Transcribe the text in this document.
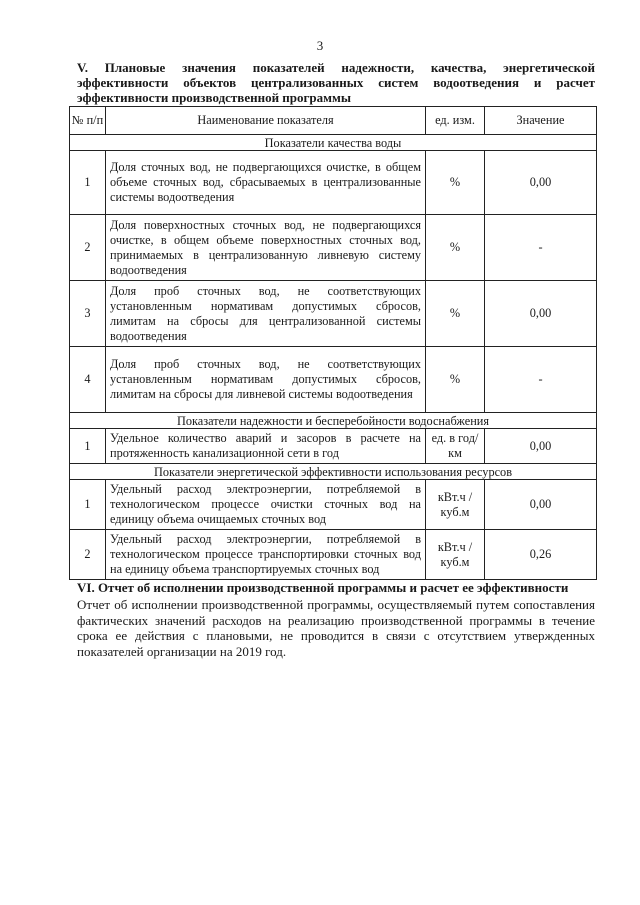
3
V. Плановые значения показателей надежности, качества, энергетической
эффективности объектов централизованных систем водоотведения и расчет
эффективности производственной программы
№ п/п	Наименование показателя	ед. изм.	Значение
Показатели качества воды			
1	Доля сточных вод, не подвергающихся очистке, в общем объеме сточных вод, сбрасываемых в централизованные системы водоотведения	%	0,00
2	Доля поверхностных сточных вод, не подвергающихся очистке, в общем объеме поверхностных сточных вод, принимаемых в централизованную ливневую систему водоотведения	%	-
3	Доля проб сточных вод, не соответствующих установленным нормативам допустимых сбросов, лимитам на сбросы для централизованной системы водоотведения	%	0,00
4	Доля проб сточных вод, не соответствующих установленным нормативам допустимых сбросов, лимитам на сбросы для ливневой системы водоотведения	%	-
Показатели надежности и бесперебойности водоснабжения			
1	Удельное количество аварий и засоров в расчете на протяженность канализационной сети в год	ед. в год/ км	0,00
Показатели энергетической эффективности использования ресурсов			
1	Удельный расход электроэнергии, потребляемой в технологическом процессе очистки сточных вод на единицу объема очищаемых сточных вод	кВт.ч / куб.м	0,00
2	Удельный расход электроэнергии, потребляемой в технологическом процессе транспортировки сточных вод на единицу объема транспортируемых сточных вод	кВт.ч / куб.м	0,26
VI. Отчет об исполнении производственной программы и расчет ее эффективности
Отчет об исполнении производственной программы, осуществляемый путем сопоставления фактических значений расходов на реализацию производственной программы в течение срока ее действия с плановыми, не проводится в связи с отсутствием утвержденных показателей организации на 2019 год.
